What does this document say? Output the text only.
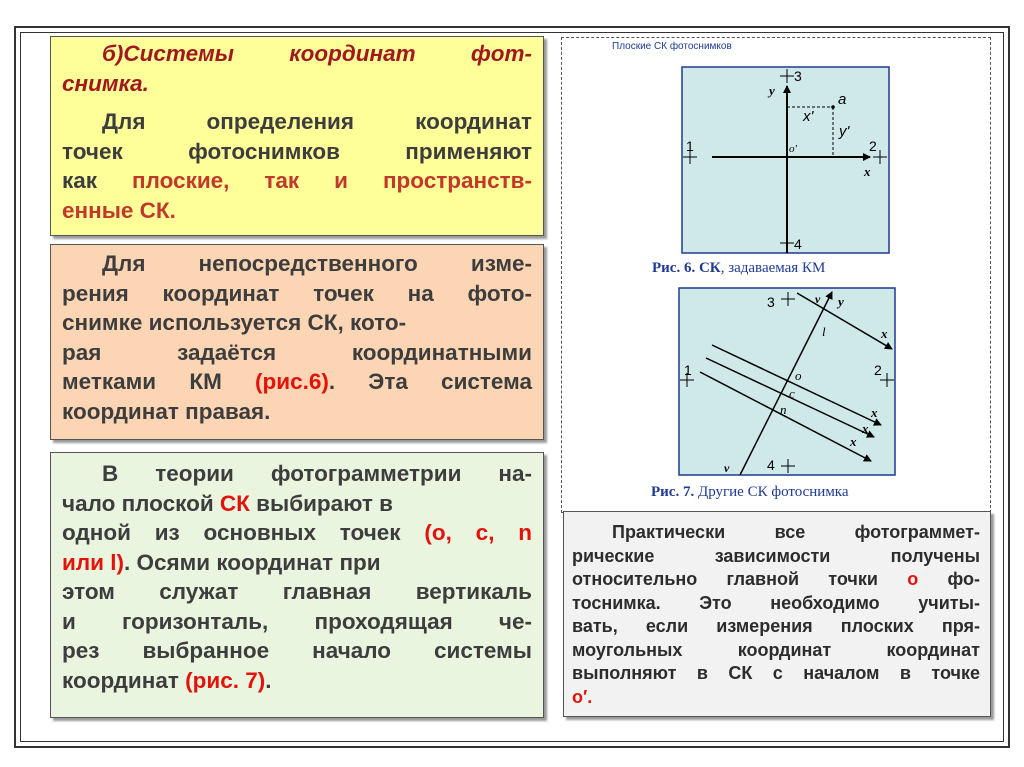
б)Системы координат фот-
снимка.
Для определения координат
точек фотоснимков применяют
как плоские, так и пространств-
енные СК.
Для непосредственного изме-
рения координат точек на фото-
снимке используется СК, кото-
рая задаётся координатными
метками КМ (рис.6). Эта система
координат правая.
В теории фотограмметрии на-
чало плоской СК выбирают в
одной из основных точек (o, c, n
или l). Осями координат при
этом служат главная вертикаль
и горизонталь, проходящая че-
рез выбранное начало системы
координат (рис. 7).
Плоские СК фотоснимков
y
3
4
1	2
x
a
x'
y'
o'
3
4
1	2
v y
v
l
o
c
n
x
x
x
x
Рис. 6. СК, задаваемая КМ
Рис. 7. Другие СК фотоснимка
Практически все фотограммет-
рические зависимости получены
относительно главной точки o фо-
тоснимка. Это необходимо учиты-
вать, если измерения плоских пря-
моугольных координат координат
выполняют в СК с началом в точке
o′.
